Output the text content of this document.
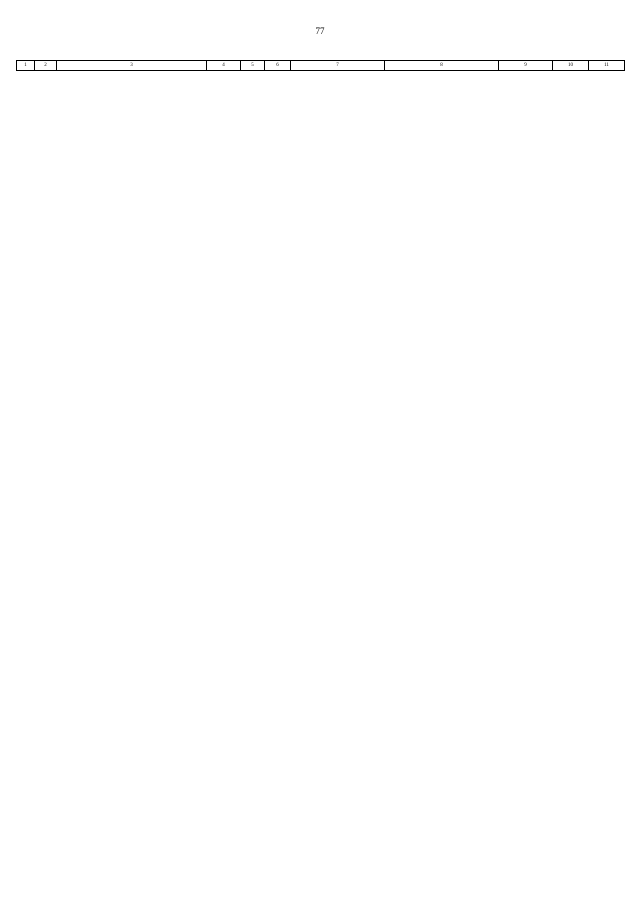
77
1	2	3	4	5	6	7	8	9	10	11
